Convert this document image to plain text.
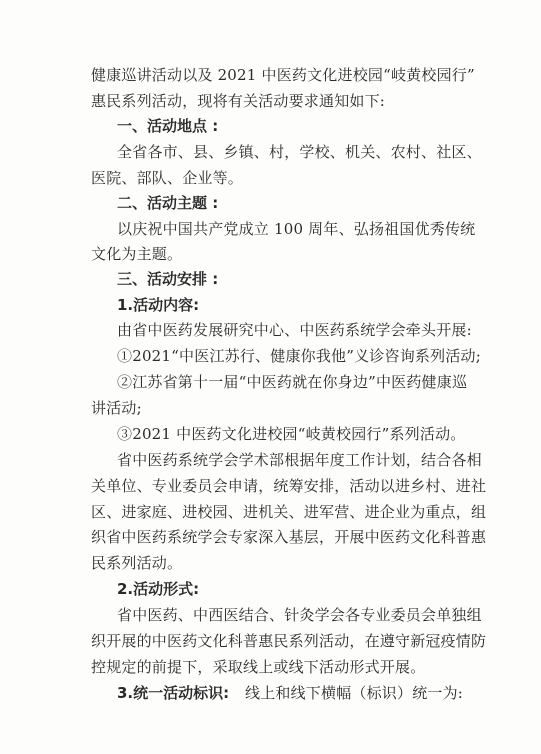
健康巡讲活动以及 2021 中医药文化进校园“岐黄校园行”
惠民系列活动，现将有关活动要求通知如下:
一、活动地点 :
全省各市、县、乡镇、村，学校、机关、农村、社区、
医院、部队、企业等。
二、活动主题 :
以庆祝中国共产党成立 100 周年、弘扬祖国优秀传统
文化为主题。
三、活动安排 :
1.活动内容:
由省中医药发展研究中心、中医药系统学会牵头开展:
①2021“中医江苏行、健康你我他”义诊咨询系列活动;
②江苏省第十一届“中医药就在你身边”中医药健康巡
讲活动;
③2021 中医药文化进校园“岐黄校园行”系列活动。
省中医药系统学会学术部根据年度工作计划，结合各相
关单位、专业委员会申请，统筹安排，活动以进乡村、进社
区、进家庭、进校园、进机关、进军营、进企业为重点，组
织省中医药系统学会专家深入基层，开展中医药文化科普惠
民系列活动。
2.活动形式:
省中医药、中西医结合、针灸学会各专业委员会单独组
织开展的中医药文化科普惠民系列活动，在遵守新冠疫情防
控规定的前提下，采取线上或线下活动形式开展。
3.统一活动标识: 线上和线下横幅（标识）统一为:
